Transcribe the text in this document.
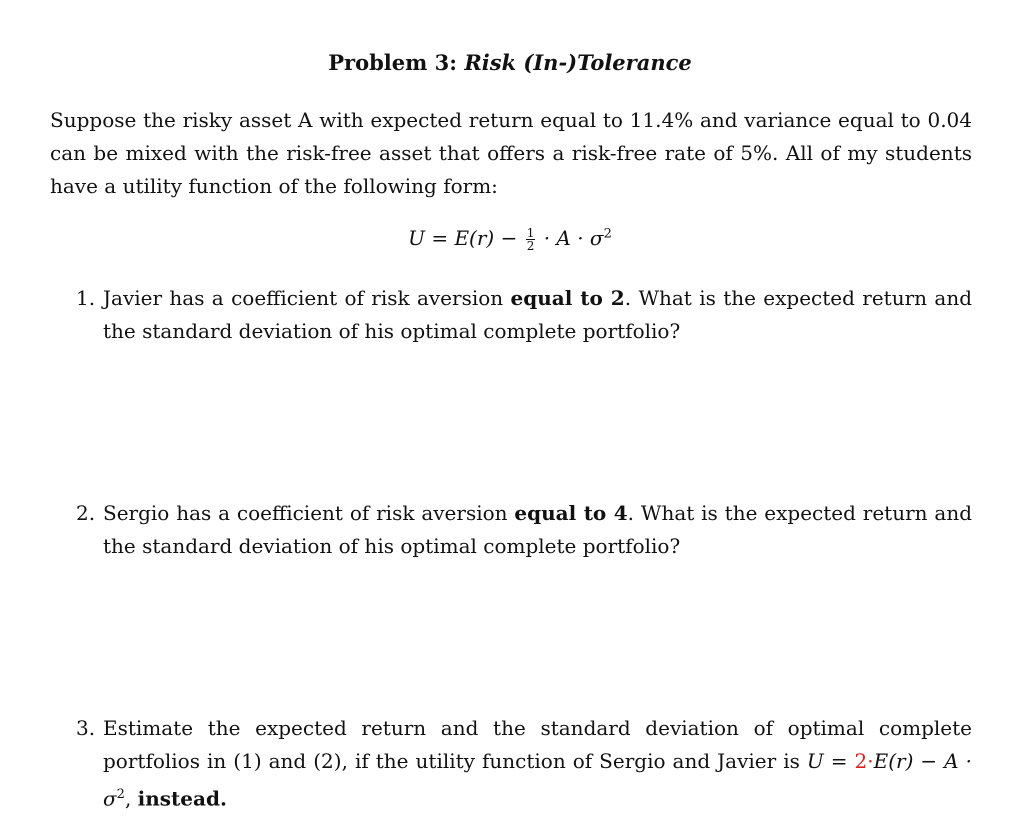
Problem 3: Risk (In-)Tolerance
Suppose the risky asset A with expected return equal to 11.4% and variance equal to 0.04 can be mixed with the risk-free asset that offers a risk-free rate of 5%. All of my students have a utility function of the following form:
$U = E(r) - \frac{1}{2} \cdot A \cdot \sigma^2$
1. Javier has a coefficient of risk aversion equal to 2. What is the expected return and the standard deviation of his optimal complete portfolio?
2. Sergio has a coefficient of risk aversion equal to 4. What is the expected return and the standard deviation of his optimal complete portfolio?
3. Estimate the expected return and the standard deviation of optimal complete portfolios in (1) and (2), if the utility function of Sergio and Javier is $U = 2\cdot E(r) - A \cdot \sigma^2$, instead.
